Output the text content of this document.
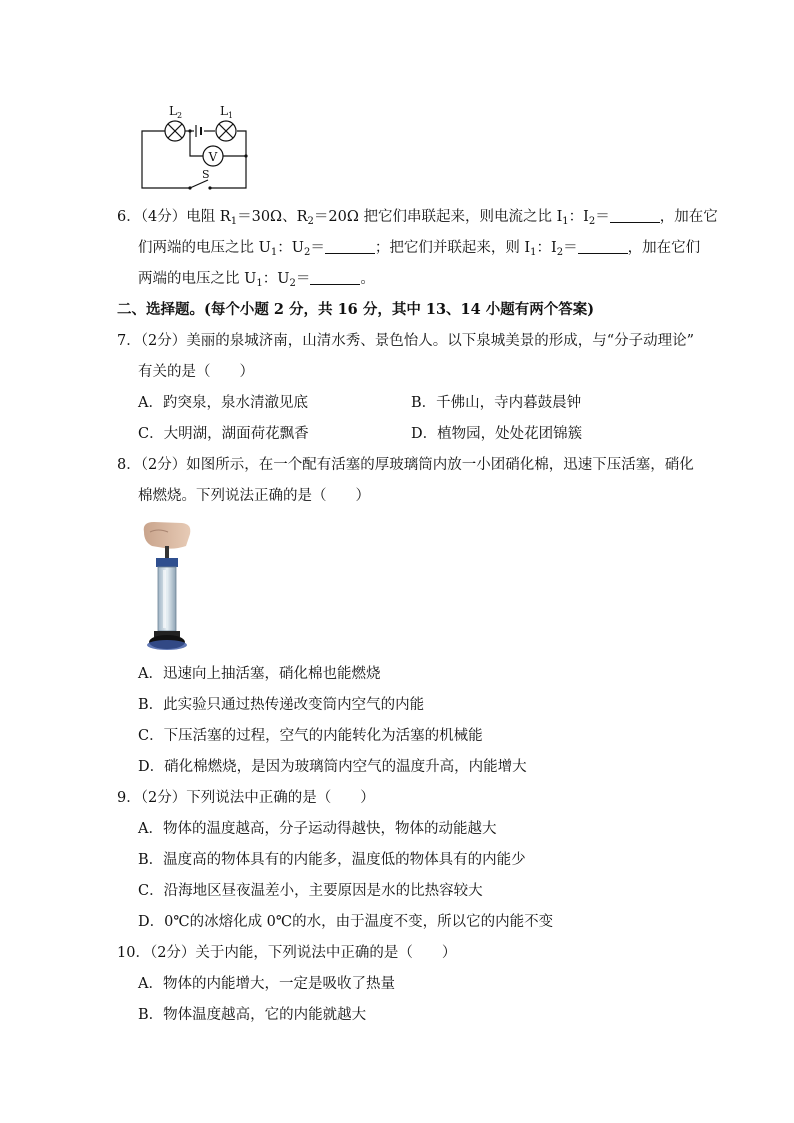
V
$L_2$	$L_1$
S
6．（4分）电阻 $R_1=30\Omega$、$R_2=20\Omega$ 把它们串联起来，则电流之比 $I_1$：$I_2=$	，加在它
们两端的电压之比 $U_1$：$U_2=$	；把它们并联起来，则 $I_1$：$I_2=$	，加在它们
两端的电压之比 $U_1$：$U_2=$	。
二、选择题。(每个小题 2 分，共 16 分，其中 13、14 小题有两个答案)
7．（2分）美丽的泉城济南，山清水秀、景色怡人。以下泉城美景的形成，与“分子动理论”
有关的是（　　）
A．趵突泉，泉水清澈见底	B．千佛山，寺内暮鼓晨钟
C．大明湖，湖面荷花飘香	D．植物园，处处花团锦簇
8．（2分）如图所示，在一个配有活塞的厚玻璃筒内放一小团硝化棉，迅速下压活塞，硝化
棉燃烧。下列说法正确的是（　　）
A．迅速向上抽活塞，硝化棉也能燃烧
B．此实验只通过热传递改变筒内空气的内能
C．下压活塞的过程，空气的内能转化为活塞的机械能
D．硝化棉燃烧，是因为玻璃筒内空气的温度升高，内能增大
9．（2分）下列说法中正确的是（　　）
A．物体的温度越高，分子运动得越快，物体的动能越大
B．温度高的物体具有的内能多，温度低的物体具有的内能少
C．沿海地区昼夜温差小，主要原因是水的比热容较大
D．0℃的冰熔化成 0℃的水，由于温度不变，所以它的内能不变
10．（2分）关于内能，下列说法中正确的是（　　）
A．物体的内能增大，一定是吸收了热量
B．物体温度越高，它的内能就越大
